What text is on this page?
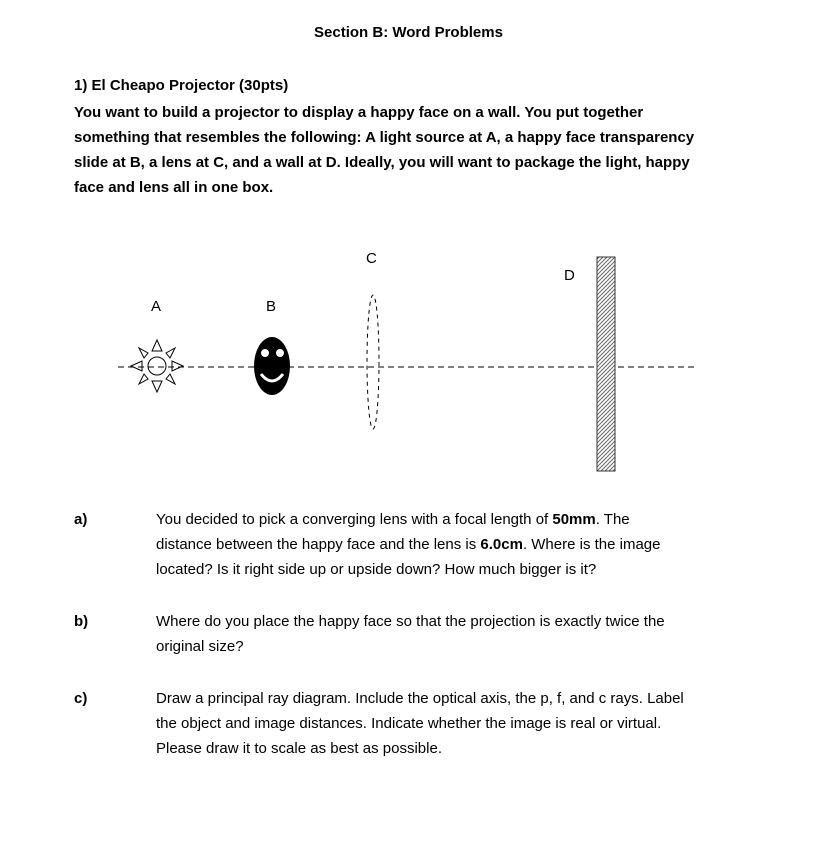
Section B: Word Problems
1) El Cheapo Projector (30pts)
You want to build a projector to display a happy face on a wall. You put together
something that resembles the following: A light source at A, a happy face transparency
slide at B, a lens at C, and a wall at D. Ideally, you will want to package the light, happy
face and lens all in one box.
A	B
C
D
a)	You decided to pick a converging lens with a focal length of 50mm. The
distance between the happy face and the lens is 6.0cm. Where is the image
located? Is it right side up or upside down? How much bigger is it?
b)	Where do you place the happy face so that the projection is exactly twice the
original size?
c)	Draw a principal ray diagram. Include the optical axis, the p, f, and c rays. Label
the object and image distances. Indicate whether the image is real or virtual.
Please draw it to scale as best as possible.
